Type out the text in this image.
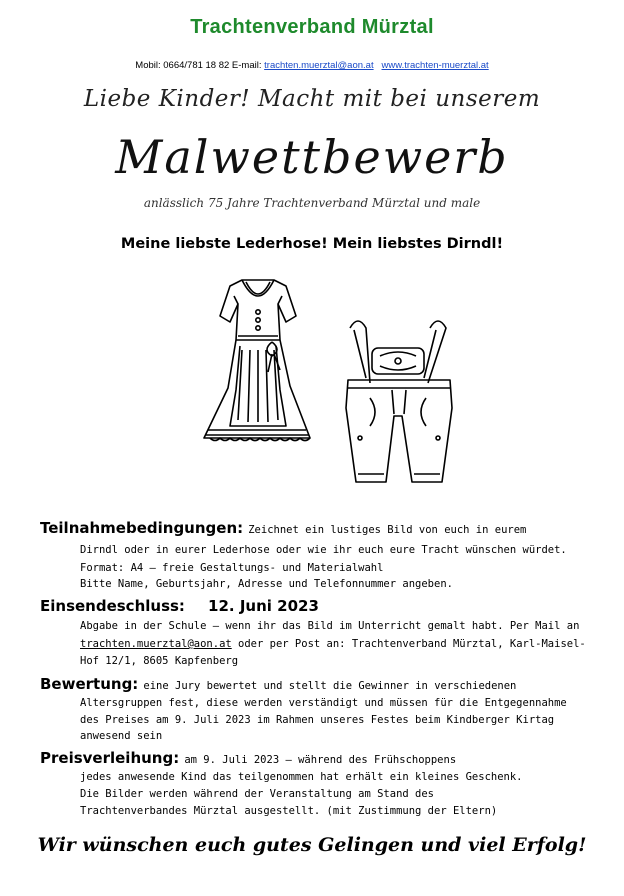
Trachtenverband Mürztal
Mobil: 0664/781 18 82 E-mail: trachten.muerztal@aon.at www.trachten-muerztal.at
Liebe Kinder! Macht mit bei unserem
Malwettbewerb
anlässlich 75 Jahre Trachtenverband Mürztal und male
Meine liebste Lederhose! Mein liebstes Dirndl!
Teilnahmebedingungen: Zeichnet ein lustiges Bild von euch in eurem
Dirndl oder in eurer Lederhose oder wie ihr euch eure Tracht wünschen würdet.
Format: A4 – freie Gestaltungs- und Materialwahl
Bitte Name, Geburtsjahr, Adresse und Telefonnummer angeben.
Einsendeschluss: 12. Juni 2023
Abgabe in der Schule – wenn ihr das Bild im Unterricht gemalt habt. Per Mail an
trachten.muerztal@aon.at oder per Post an: Trachtenverband Mürztal, Karl-Maisel-
Hof 12/1, 8605 Kapfenberg
Bewertung: eine Jury bewertet und stellt die Gewinner in verschiedenen
Altersgruppen fest, diese werden verständigt und müssen für die Entgegennahme
des Preises am 9. Juli 2023 im Rahmen unseres Festes beim Kindberger Kirtag
anwesend sein
Preisverleihung: am 9. Juli 2023 – während des Frühschoppens
jedes anwesende Kind das teilgenommen hat erhält ein kleines Geschenk.
Die Bilder werden während der Veranstaltung am Stand des
Trachtenverbandes Mürztal ausgestellt. (mit Zustimmung der Eltern)
Wir wünschen euch gutes Gelingen und viel Erfolg!
